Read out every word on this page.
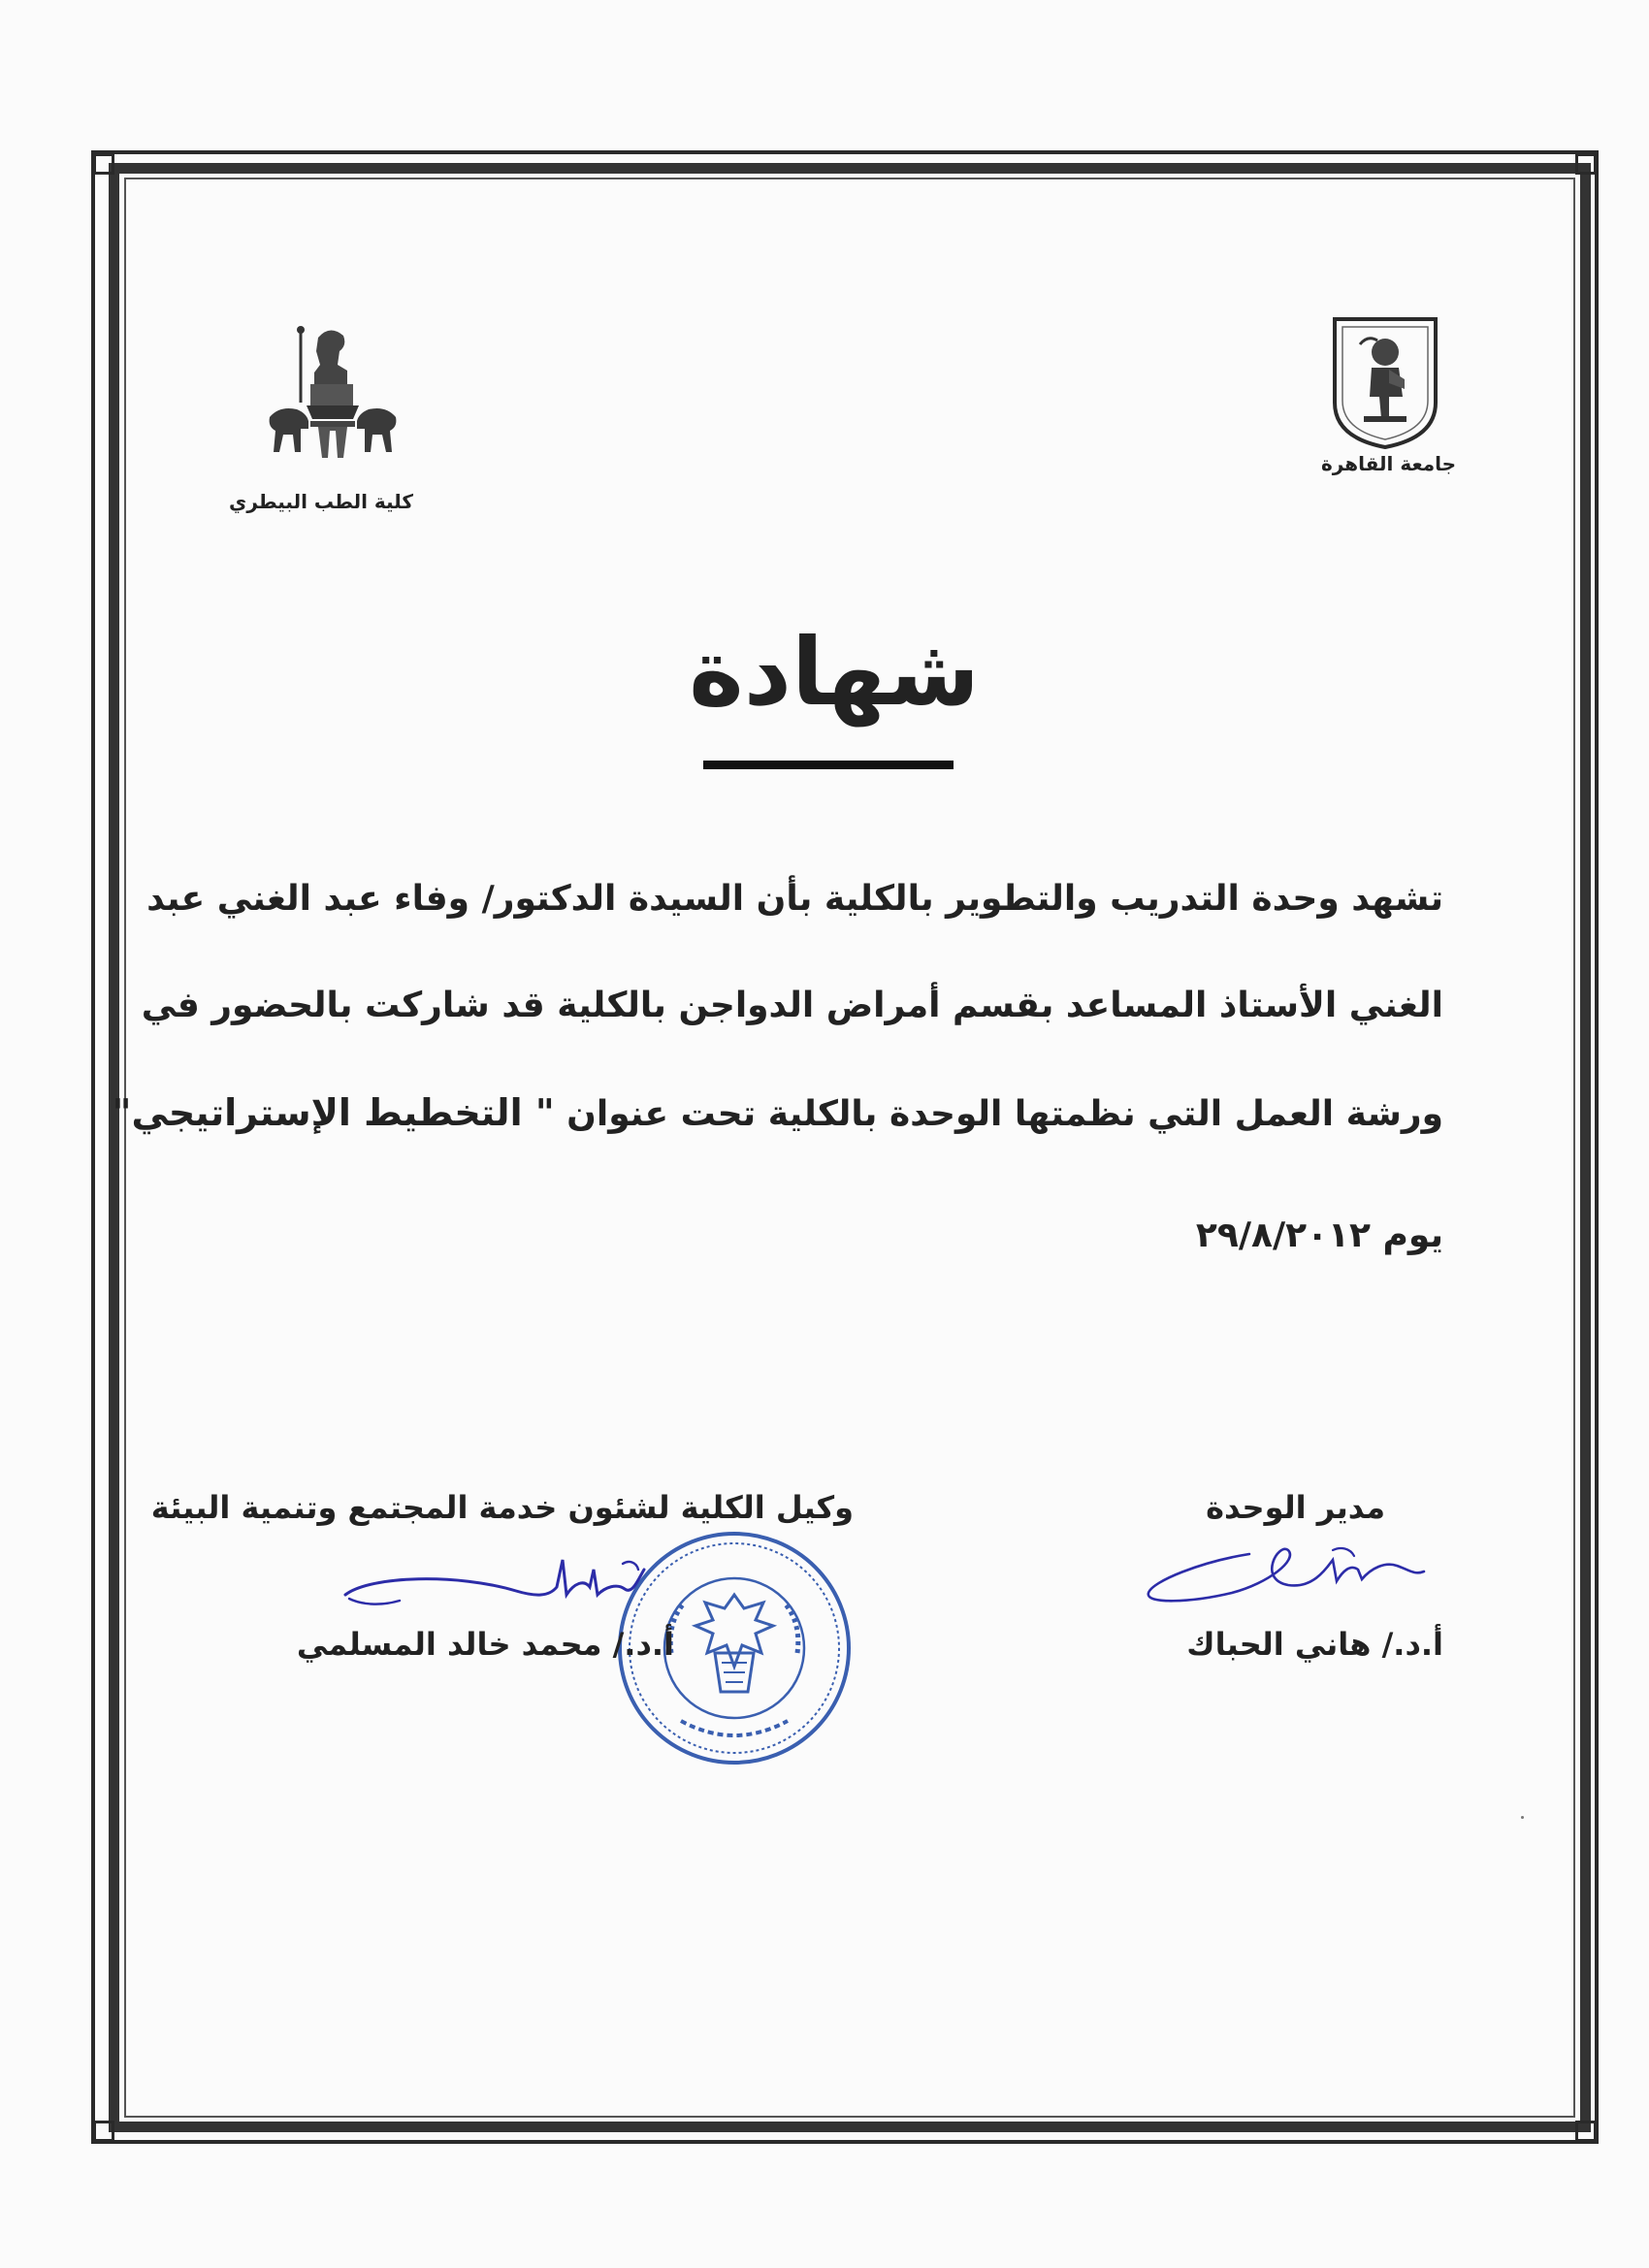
كلية الطب البيطري
جامعة القاهرة
شهادة
تشهد وحدة التدريب والتطوير بالكلية بأن السيدة الدكتور/ وفاء عبد الغني عبد
الغني الأستاذ المساعد بقسم أمراض الدواجن بالكلية قد شاركت بالحضور في
ورشة العمل التي نظمتها الوحدة بالكلية تحت عنوان " التخطيط الإستراتيجي"
يوم ٢٩/٨/٢٠١٢
مدير الوحدة
أ.د./ هاني الحباك
وكيل الكلية لشئون خدمة المجتمع وتنمية البيئة
أ.د./ محمد خالد المسلمي
